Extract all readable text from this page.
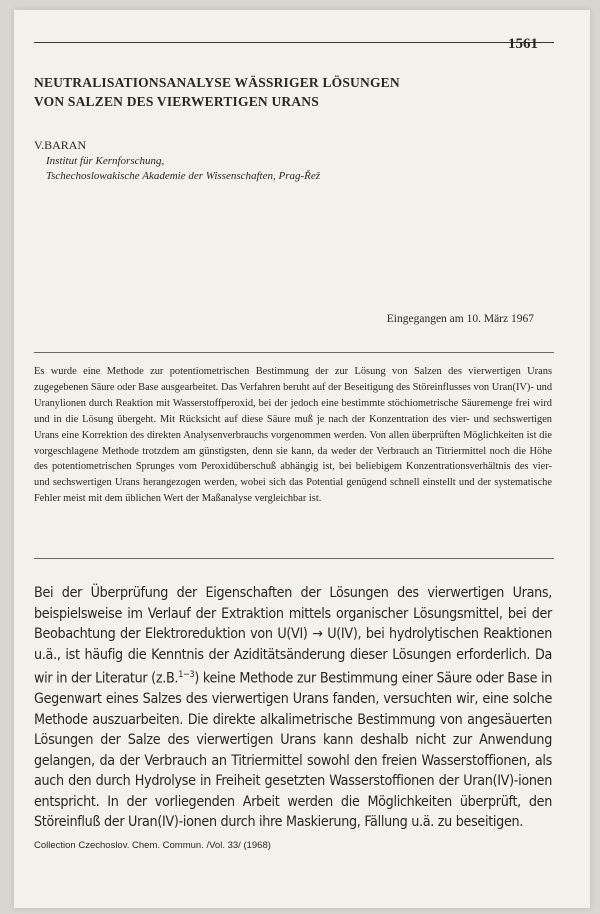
1561
NEUTRALISATIONSANALYSE WÄSSRIGER LÖSUNGEN
VON SALZEN DES VIERWERTIGEN URANS
V.BARAN
Institut für Kernforschung,
Tschechoslowakische Akademie der Wissenschaften, Prag-Řež
Eingegangen am 10. März 1967
Es wurde eine Methode zur potentiometrischen Bestimmung der zur Lösung von Salzen des vierwertigen Urans zugegebenen Säure oder Base ausgearbeitet. Das Verfahren beruht auf der Beseitigung des Störeinflusses von Uran(IV)- und Uranylionen durch Reaktion mit Wasserstoffperoxid, bei der jedoch eine bestimmte stöchiometrische Säuremenge frei wird und in die Lösung übergeht. Mit Rücksicht auf diese Säure muß je nach der Konzentration des vier- und sechswertigen Urans eine Korrektion des direkten Analysenverbrauchs vorgenommen werden. Von allen überprüften Möglichkeiten ist die vorgeschlagene Methode trotzdem am günstigsten, denn sie kann, da weder der Verbrauch an Titriermittel noch die Höhe des potentiometrischen Sprunges vom Peroxidüberschuß abhängig ist, bei beliebigem Konzentrationsverhältnis des vier- und sechswertigen Urans herangezogen werden, wobei sich das Potential genügend schnell einstellt und der systematische Fehler meist mit dem üblichen Wert der Maßanalyse vergleichbar ist.
Bei der Überprüfung der Eigenschaften der Lösungen des vierwertigen Urans, beispielsweise im Verlauf der Extraktion mittels organischer Lösungsmittel, bei der Beobachtung der Elektroreduktion von U(VI) → U(IV), bei hydrolytischen Reaktionen u.ä., ist häufig die Kenntnis der Aziditätsänderung dieser Lösungen erforderlich. Da wir in der Literatur (z.B.$^{1-3}$) keine Methode zur Bestimmung einer Säure oder Base in Gegenwart eines Salzes des vierwertigen Urans fanden, versuchten wir, eine solche Methode auszuarbeiten. Die direkte alkalimetrische Bestimmung von angesäuerten Lösungen der Salze des vierwertigen Urans kann deshalb nicht zur Anwendung gelangen, da der Verbrauch an Titriermittel sowohl den freien Wasserstoffionen, als auch den durch Hydrolyse in Freiheit gesetzten Wasserstoffionen der Uran(IV)-ionen entspricht. In der vorliegenden Arbeit werden die Möglichkeiten überprüft, den Störeinfluß der Uran(IV)-ionen durch ihre Maskierung, Fällung u.ä. zu beseitigen.
Collection Czechoslov. Chem. Commun. /Vol. 33/ (1968)
